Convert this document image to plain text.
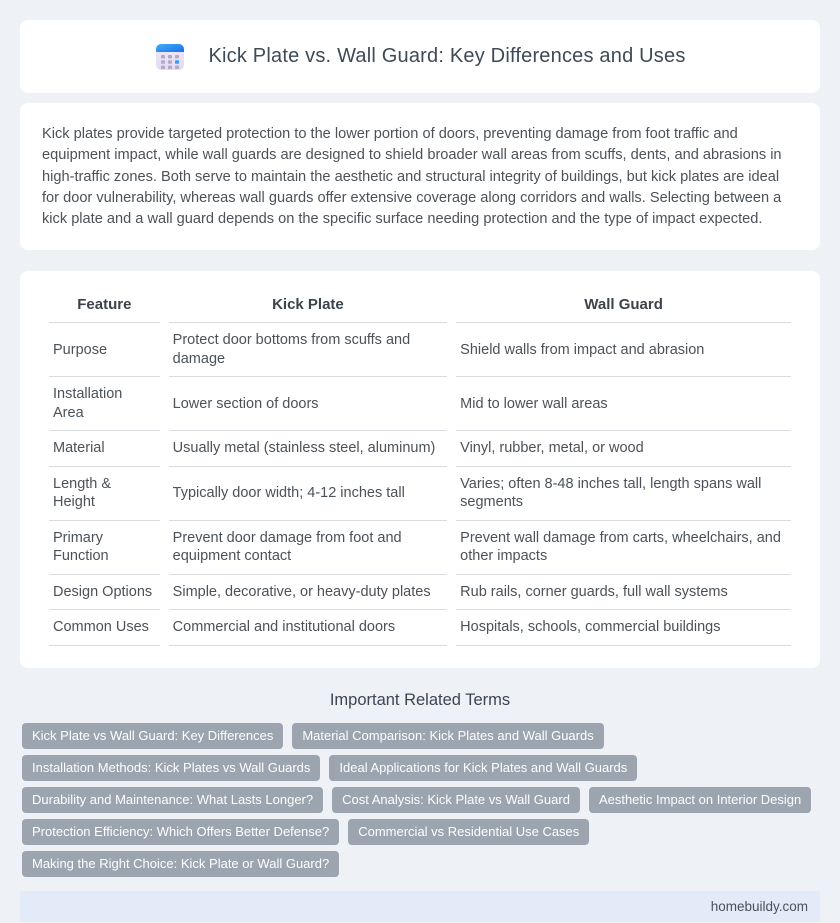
Kick Plate vs. Wall Guard: Key Differences and Uses

Kick plates provide targeted protection to the lower portion of doors, preventing damage from foot traffic and equipment impact, while wall guards are designed to shield broader wall areas from scuffs, dents, and abrasions in high-traffic zones. Both serve to maintain the aesthetic and structural integrity of buildings, but kick plates are ideal for door vulnerability, whereas wall guards offer extensive coverage along corridors and walls. Selecting between a kick plate and a wall guard depends on the specific surface needing protection and the type of impact expected.

Feature	Kick Plate	Wall Guard
Purpose	Protect door bottoms from scuffs and damage	Shield walls from impact and abrasion
Installation Area	Lower section of doors	Mid to lower wall areas
Material	Usually metal (stainless steel, aluminum)	Vinyl, rubber, metal, or wood
Length & Height	Typically door width; 4-12 inches tall	Varies; often 8-48 inches tall, length spans wall segments
Primary Function	Prevent door damage from foot and equipment contact	Prevent wall damage from carts, wheelchairs, and other impacts
Design Options	Simple, decorative, or heavy-duty plates	Rub rails, corner guards, full wall systems
Common Uses	Commercial and institutional doors	Hospitals, schools, commercial buildings
Important Related Terms
Kick Plate vs Wall Guard: Key Differences	Material Comparison: Kick Plates and Wall Guards
Installation Methods: Kick Plates vs Wall Guards	Ideal Applications for Kick Plates and Wall Guards
Durability and Maintenance: What Lasts Longer?	Cost Analysis: Kick Plate vs Wall Guard	Aesthetic Impact on Interior Design
Protection Efficiency: Which Offers Better Defense?	Commercial vs Residential Use Cases
Making the Right Choice: Kick Plate or Wall Guard?
homebuildy.com
